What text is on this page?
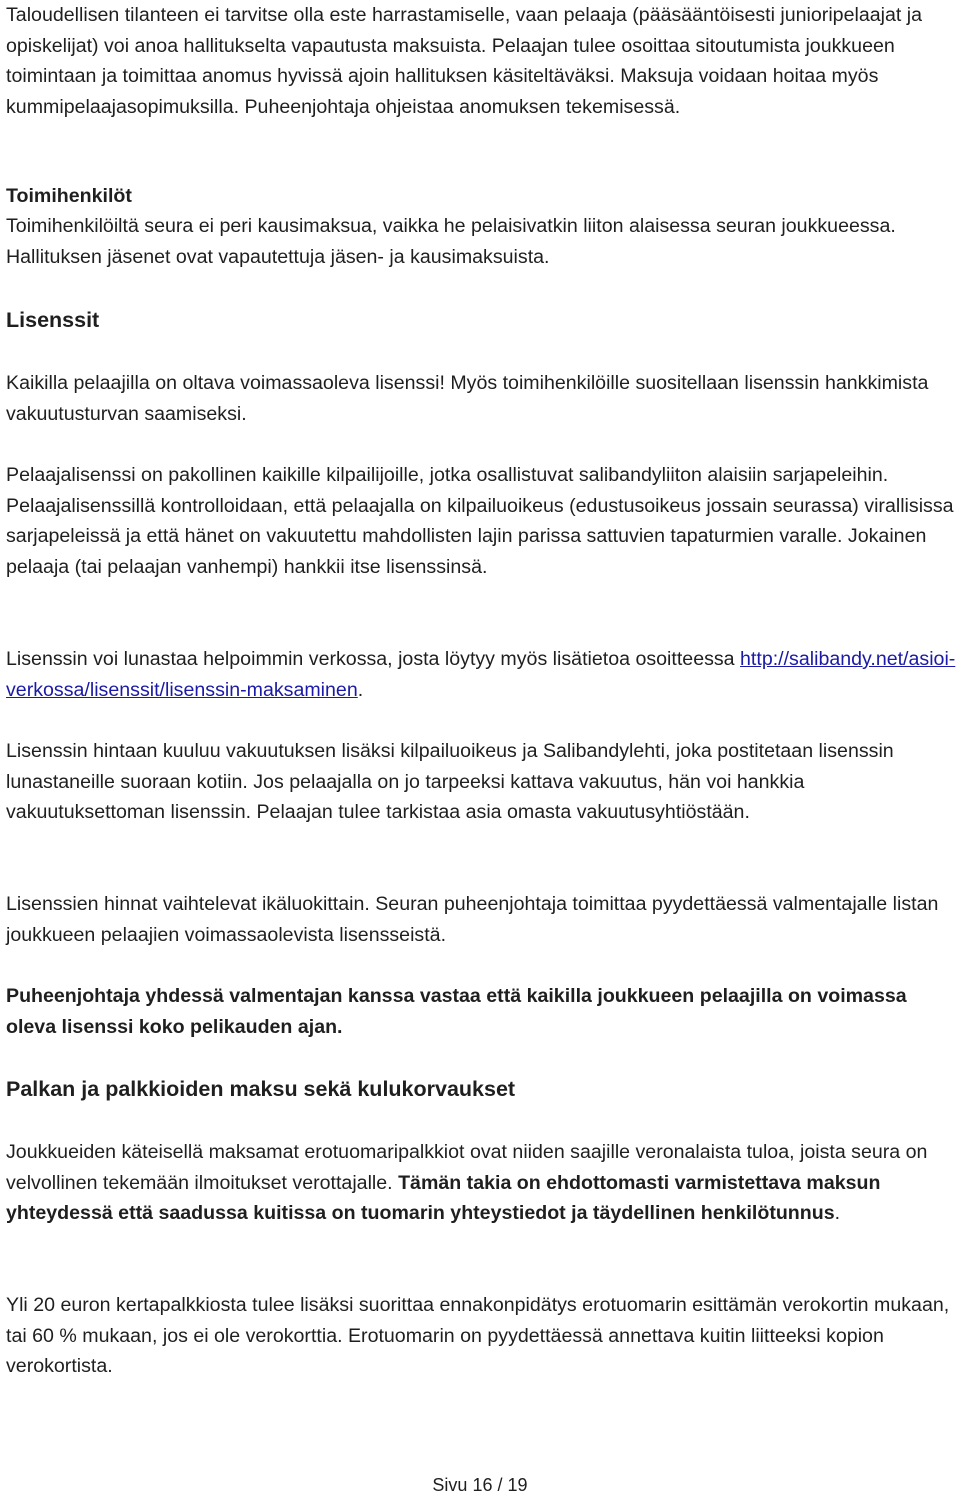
Taloudellisen tilanteen ei tarvitse olla este harrastamiselle, vaan pelaaja (pääsääntöisesti junioripelaajat ja opiskelijat) voi anoa hallitukselta vapautusta maksuista. Pelaajan tulee osoittaa sitoutumista joukkueen toimintaan ja toimittaa anomus hyvissä ajoin hallituksen käsiteltäväksi. Maksuja voidaan hoitaa myös kummipelaajasopimuksilla. Puheenjohtaja ohjeistaa anomuksen tekemisessä.

Toimihenkilöt

Toimihenkilöiltä seura ei peri kausimaksua, vaikka he pelaisivatkin liiton alaisessa seuran joukkueessa. Hallituksen jäsenet ovat vapautettuja jäsen- ja kausimaksuista.

Lisenssit

Kaikilla pelaajilla on oltava voimassaoleva lisenssi! Myös toimihenkilöille suositellaan lisenssin hankkimista vakuutusturvan saamiseksi.

Pelaajalisenssi on pakollinen kaikille kilpailijoille, jotka osallistuvat salibandyliiton alaisiin sarjapeleihin. Pelaajalisenssillä kontrolloidaan, että pelaajalla on kilpailuoikeus (edustusoikeus jossain seurassa) virallisissa sarjapeleissä ja että hänet on vakuutettu mahdollisten lajin parissa sattuvien tapaturmien varalle. Jokainen pelaaja (tai pelaajan vanhempi) hankkii itse lisenssinsä.

Lisenssin voi lunastaa helpoimmin verkossa, josta löytyy myös lisätietoa osoitteessa http://salibandy.net/asioi-verkossa/lisenssit/lisenssin-maksaminen.

Lisenssin hintaan kuuluu vakuutuksen lisäksi kilpailuoikeus ja Salibandylehti, joka postitetaan lisenssin lunastaneille suoraan kotiin. Jos pelaajalla on jo tarpeeksi kattava vakuutus, hän voi hankkia vakuutuksettoman lisenssin. Pelaajan tulee tarkistaa asia omasta vakuutusyhtiöstään.

Lisenssien hinnat vaihtelevat ikäluokittain. Seuran puheenjohtaja toimittaa pyydettäessä valmentajalle listan joukkueen pelaajien voimassaolevista lisensseistä.

Puheenjohtaja yhdessä valmentajan kanssa vastaa että kaikilla joukkueen pelaajilla on voimassa oleva lisenssi koko pelikauden ajan.

Palkan ja palkkioiden maksu sekä kulukorvaukset

Joukkueiden käteisellä maksamat erotuomaripalkkiot ovat niiden saajille veronalaista tuloa, joista seura on velvollinen tekemään ilmoitukset verottajalle. Tämän takia on ehdottomasti varmistettava maksun yhteydessä että saadussa kuitissa on tuomarin yhteystiedot ja täydellinen henkilötunnus.

Yli 20 euron kertapalkkiosta tulee lisäksi suorittaa ennakonpidätys erotuomarin esittämän verokortin mukaan, tai 60 % mukaan, jos ei ole verokorttia. Erotuomarin on pyydettäessä annettava kuitin liitteeksi kopion verokortista.

Sivu 16 / 19
